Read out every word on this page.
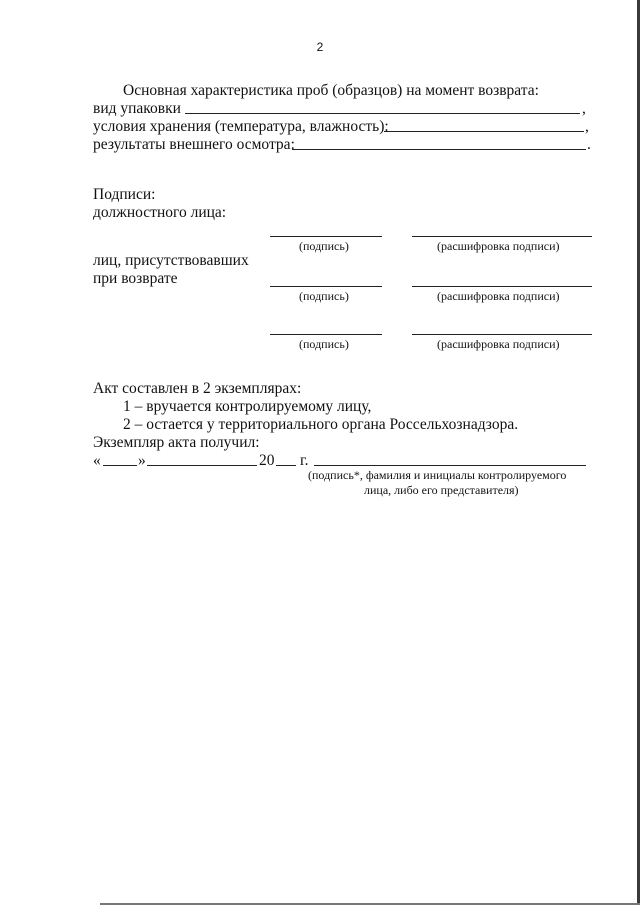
2
Основная характеристика проб (образцов) на момент возврата:
вид упаковки	,
условия хранения (температура, влажность):	,
результаты внешнего осмотра:	.
Подписи:
должностного лица:
(подпись)	(расшифровка подписи)
лиц, присутствовавших
при возврате
(подпись)	(расшифровка подписи)
(подпись)	(расшифровка подписи)
Акт составлен в 2 экземплярах:
1 – вручается контролируемому лицу,
2 – остается у территориального органа Россельхознадзора.
Экземпляр акта получил:
« »	20 г.
(подпись*, фамилия и инициалы контролируемого
лица, либо его представителя)
